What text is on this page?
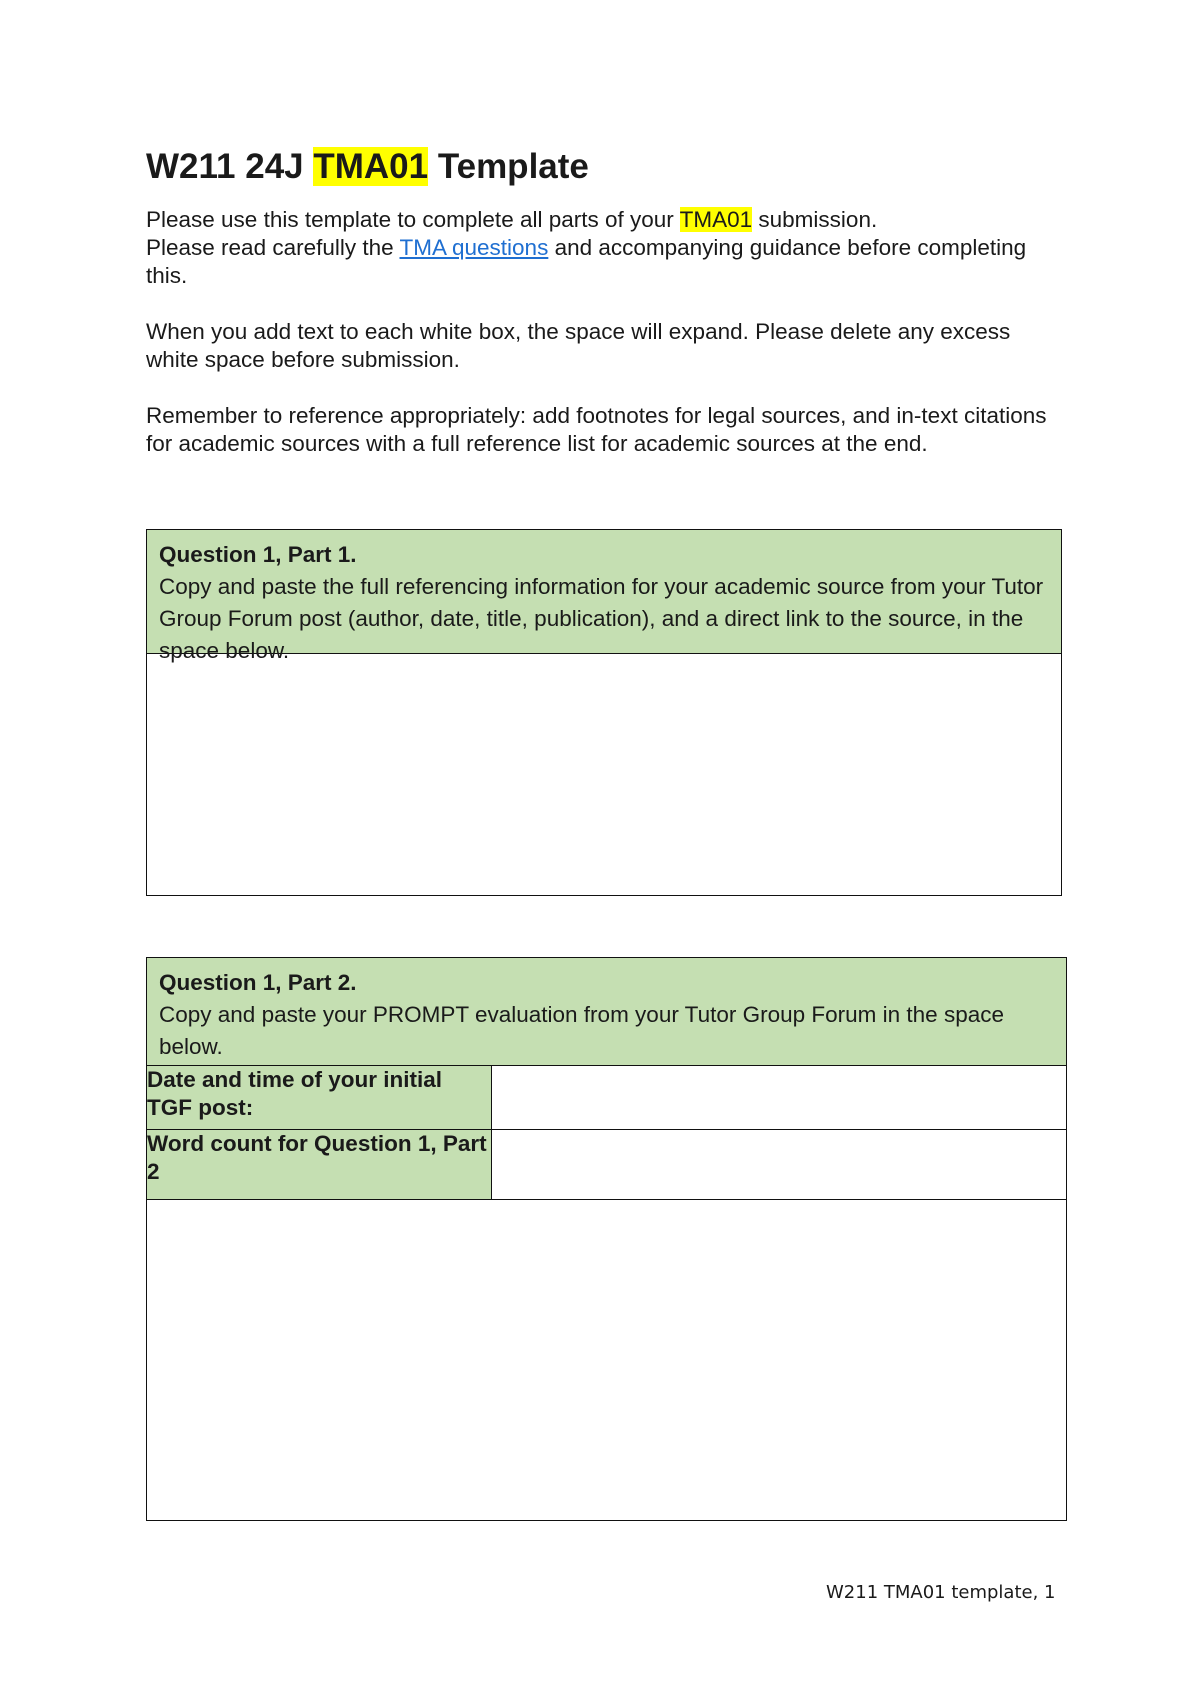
W211 24J TMA01 Template

Please use this template to complete all parts of your TMA01 submission.
Please read carefully the TMA questions and accompanying guidance before completing this.

When you add text to each white box, the space will expand. Please delete any excess white space before submission.

Remember to reference appropriately: add footnotes for legal sources, and in-text citations for academic sources with a full reference list for academic sources at the end.

Question 1, Part 1.
Copy and paste the full referencing information for your academic source from your Tutor Group Forum post (author, date, title, publication), and a direct link to the source, in the space below.

Question 1, Part 2.
Copy and paste your PROMPT evaluation from your Tutor Group Forum in the space below.	

Date and time of your initial TGF post:	
Word count for Question 1, Part 2	

W211 TMA01 template, 1
